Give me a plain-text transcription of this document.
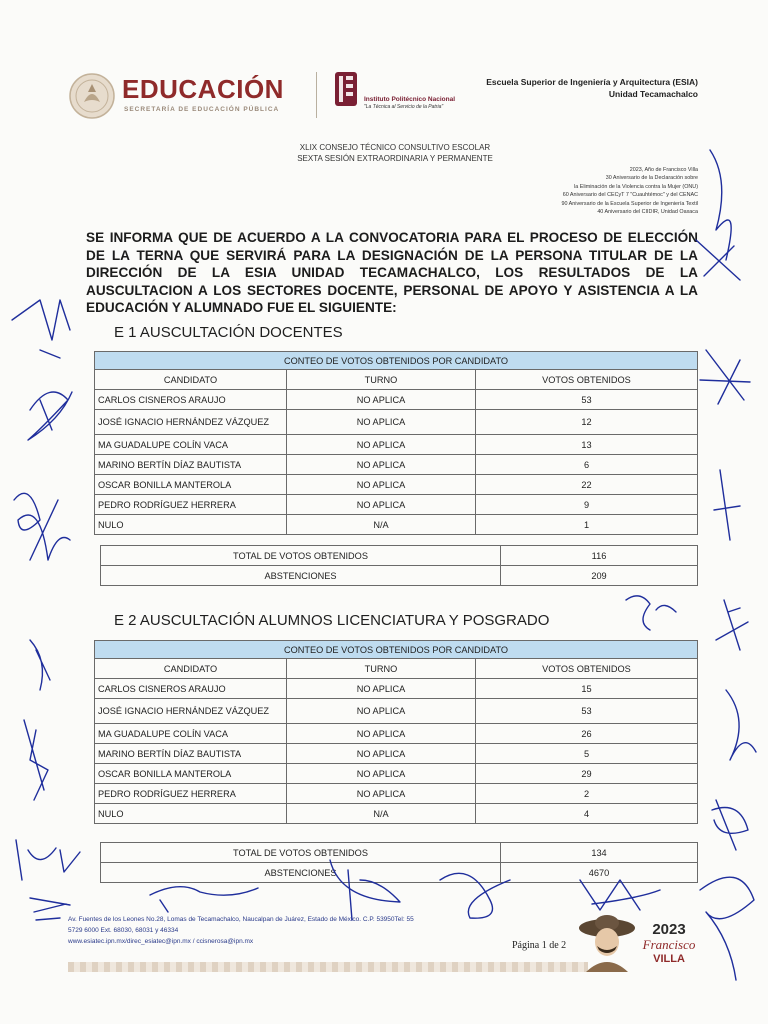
EDUCACIÓN
SECRETARÍA DE EDUCACIÓN PÚBLICA
Instituto Politécnico Nacional
"La Técnica al Servicio de la Patria"
Escuela Superior de Ingeniería y Arquitectura (ESIA)
Unidad Tecamachalco
XLIX CONSEJO TÉCNICO CONSULTIVO ESCOLAR
SEXTA SESIÓN EXTRAORDINARIA Y PERMANENTE
2023, Año de Francisco Villa
30 Aniversario de la Declaración sobre
la Eliminación de la Violencia contra la Mujer (ONU)
60 Aniversario del CECyT 7 "Cuauhtémoc" y del CENAC
90 Aniversario de la Escuela Superior de Ingeniería Textil
40 Aniversario del CIIDIR, Unidad Oaxaca
SE INFORMA QUE DE ACUERDO A LA CONVOCATORIA PARA EL PROCESO DE ELECCIÓN DE LA TERNA QUE SERVIRÁ PARA LA DESIGNACIÓN DE LA PERSONA TITULAR DE LA DIRECCIÓN DE LA ESIA UNIDAD TECAMACHALCO, LOS RESULTADOS DE LA AUSCULTACION A LOS SECTORES DOCENTE, PERSONAL DE APOYO Y ASISTENCIA A LA EDUCACIÓN Y ALUMNADO FUE EL SIGUIENTE:
E 1 AUSCULTACIÓN DOCENTES
CONTEO DE VOTOS OBTENIDOS POR CANDIDATO		
CANDIDATO	TURNO	VOTOS OBTENIDOS
CARLOS CISNEROS ARAUJO	NO APLICA	53
JOSÉ IGNACIO HERNÁNDEZ VÁZQUEZ	NO APLICA	12
MA GUADALUPE COLÍN VACA	NO APLICA	13
MARINO BERTÍN DÍAZ BAUTISTA	NO APLICA	6
OSCAR BONILLA MANTEROLA	NO APLICA	22
PEDRO RODRÍGUEZ HERRERA	NO APLICA	9
NULO	N/A	1
TOTAL DE VOTOS OBTENIDOS	116
ABSTENCIONES	209
E 2 AUSCULTACIÓN ALUMNOS LICENCIATURA Y POSGRADO
CONTEO DE VOTOS OBTENIDOS POR CANDIDATO		
CANDIDATO	TURNO	VOTOS OBTENIDOS
CARLOS CISNEROS ARAUJO	NO APLICA	15
JOSÉ IGNACIO HERNÁNDEZ VÁZQUEZ	NO APLICA	53
MA GUADALUPE COLÍN VACA	NO APLICA	26
MARINO BERTÍN DÍAZ BAUTISTA	NO APLICA	5
OSCAR BONILLA MANTEROLA	NO APLICA	29
PEDRO RODRÍGUEZ HERRERA	NO APLICA	2
NULO	N/A	4
TOTAL DE VOTOS OBTENIDOS	134
ABSTENCIONES	4670
Av. Fuentes de los Leones No.28, Lomas de Tecamachalco, Naucalpan de Juárez, Estado de México. C.P. 53950Tel: 55
5729 6000 Ext. 68030, 68031 y 46334
www.esiatec.ipn.mx/direc_esiatec@ipn.mx / ccisnerosa@ipn.mx	Página 1 de 2
2023
Francisco
VILLA
